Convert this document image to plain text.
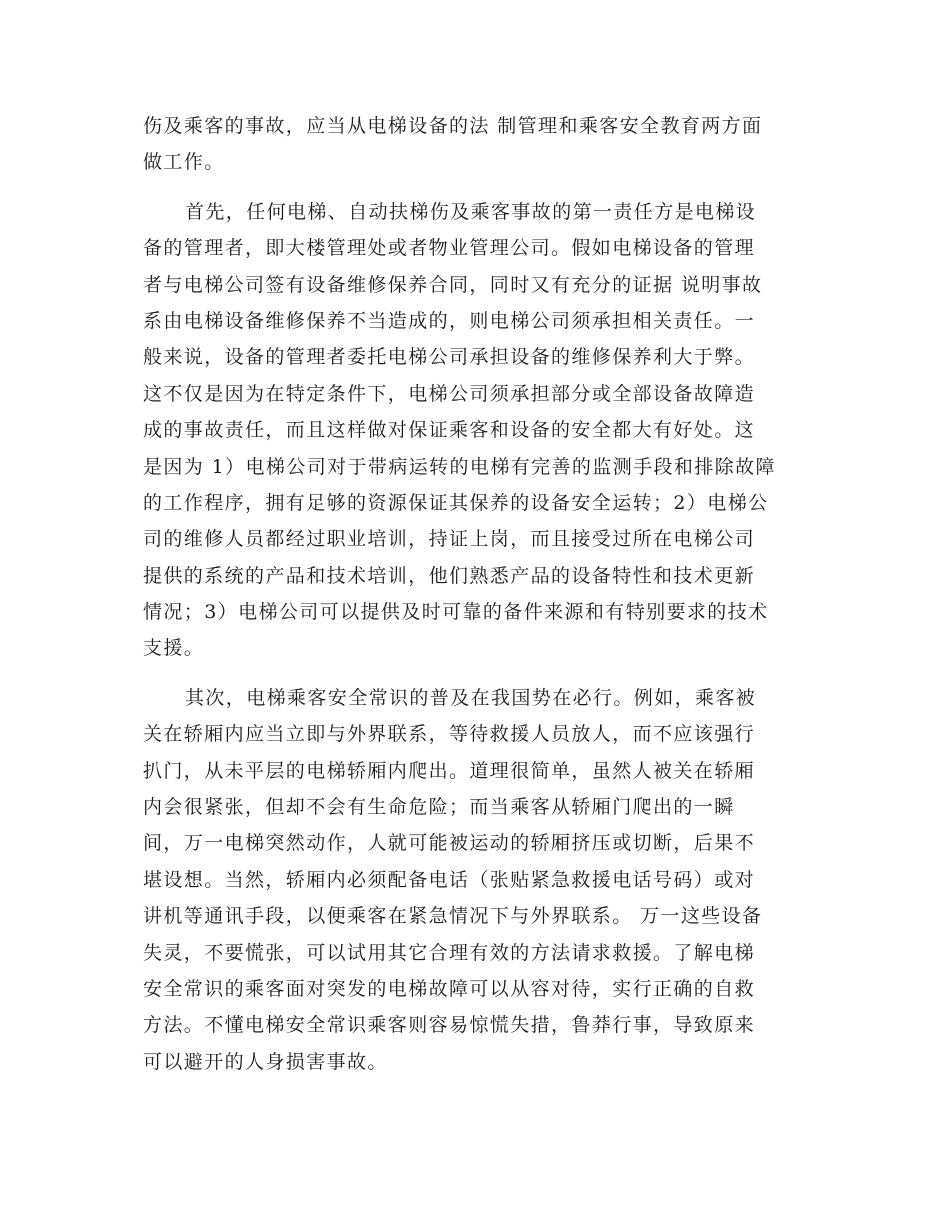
伤及乘客的事故，应当从电梯设备的法 制管理和乘客安全教育两方面
做工作。
首先，任何电梯、自动扶梯伤及乘客事故的第一责任方是电梯设
备的管理者，即大楼管理处或者物业管理公司。假如电梯设备的管理
者与电梯公司签有设备维修保养合同，同时又有充分的证据 说明事故
系由电梯设备维修保养不当造成的，则电梯公司须承担相关责任。一
般来说，设备的管理者委托电梯公司承担设备的维修保养利大于弊。
这不仅是因为在特定条件下，电梯公司须承担部分或全部设备故障造
成的事故责任，而且这样做对保证乘客和设备的安全都大有好处。这
是因为 1）电梯公司对于带病运转的电梯有完善的监测手段和排除故障
的工作程序，拥有足够的资源保证其保养的设备安全运转；2）电梯公
司的维修人员都经过职业培训，持证上岗，而且接受过所在电梯公司
提供的系统的产品和技术培训，他们熟悉产品的设备特性和技术更新
情况；3）电梯公司可以提供及时可靠的备件来源和有特别要求的技术
支援。
其次，电梯乘客安全常识的普及在我国势在必行。例如，乘客被
关在轿厢内应当立即与外界联系，等待救援人员放人，而不应该强行
扒门，从未平层的电梯轿厢内爬出。道理很简单，虽然人被关在轿厢
内会很紧张，但却不会有生命危险；而当乘客从轿厢门爬出的一瞬
间，万一电梯突然动作，人就可能被运动的轿厢挤压或切断，后果不
堪设想。当然，轿厢内必须配备电话（张贴紧急救援电话号码）或对
讲机等通讯手段，以便乘客在紧急情况下与外界联系。 万一这些设备
失灵，不要慌张，可以试用其它合理有效的方法请求救援。了解电梯
安全常识的乘客面对突发的电梯故障可以从容对待，实行正确的自救
方法。不懂电梯安全常识乘客则容易惊慌失措，鲁莽行事，导致原来
可以避开的人身损害事故。
